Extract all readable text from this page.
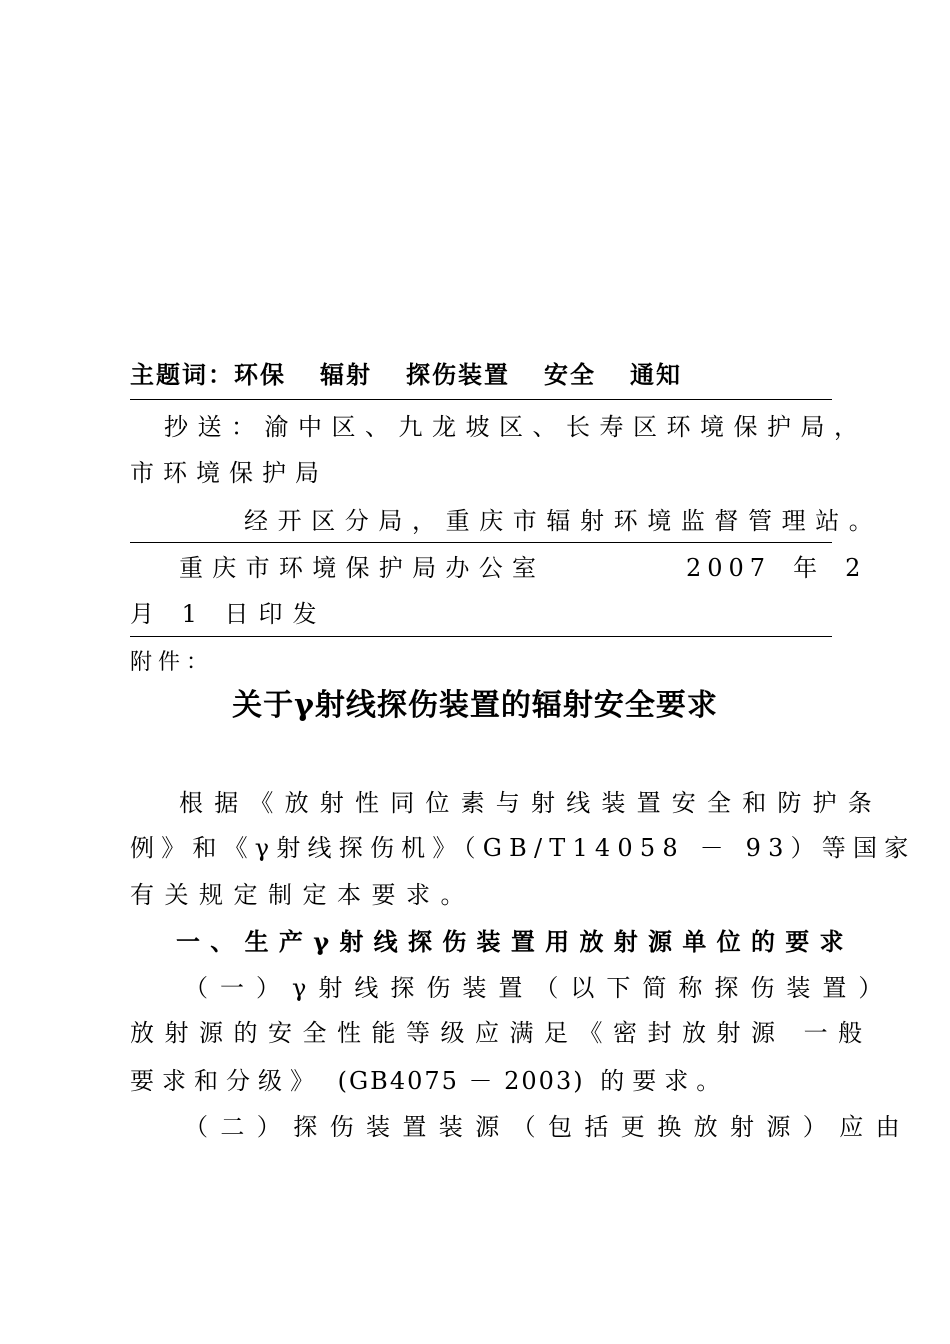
主题词：环保 辐射 探伤装置 安全 通知
抄送：渝中区、九龙坡区、长寿区环境保护局，
市环境保护局
经开区分局，重庆市辐射环境监督管理站。
重庆市环境保护局办公室	2007 年 2
月 1 日印发
附件：
关于γ射线探伤装置的辐射安全要求
根据《放射性同位素与射线装置安全和防护条
例》和《γ射线探伤机》（GB/T14058 － 93）等国家
有关规定制定本要求。
一、生产γ射线探伤装置用放射源单位的要求
（一）γ射线探伤装置（以下简称探伤装置）
放射源的安全性能等级应满足《密封放射源 一般
要求和分级》 (GB4075 － 2003) 的要求。
（二）探伤装置装源（包括更换放射源）应由
